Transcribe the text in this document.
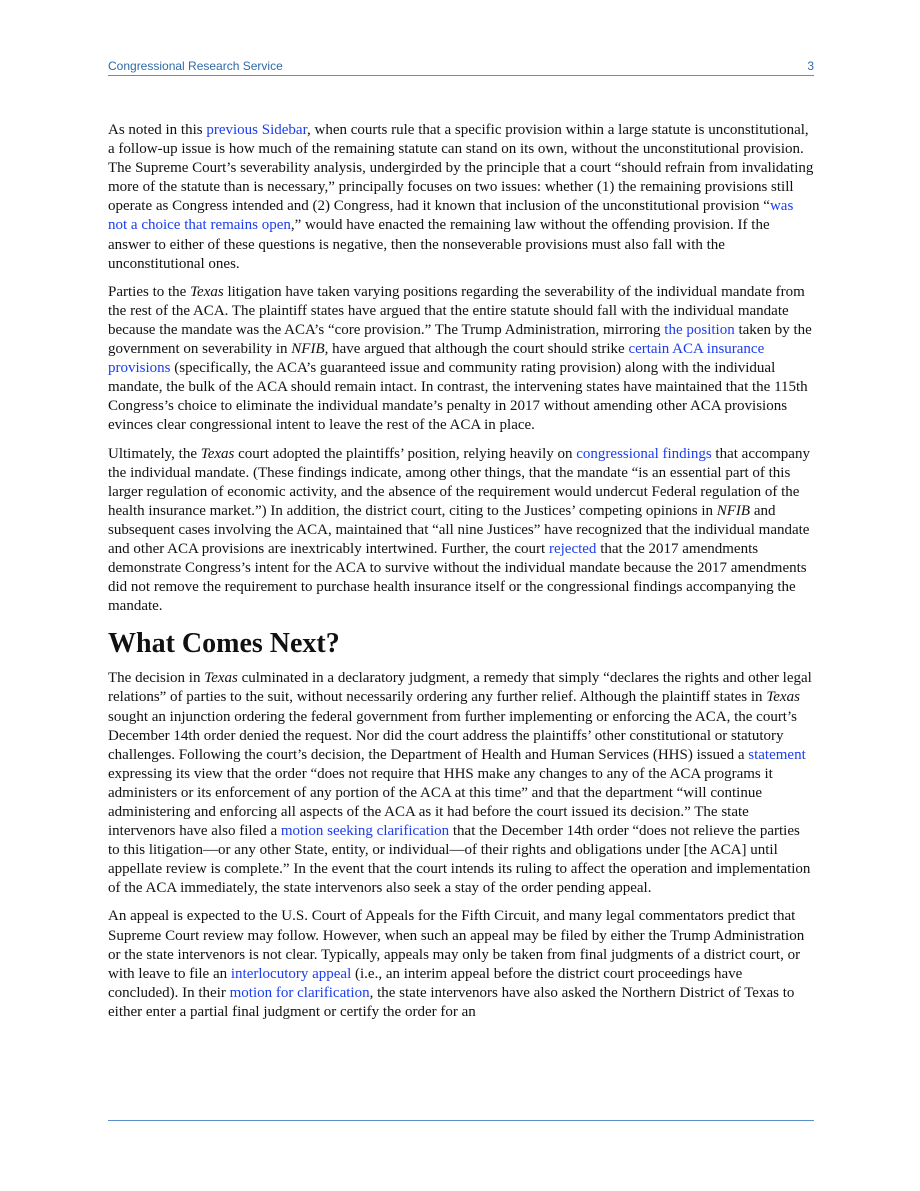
Congressional Research Service	3

As noted in this previous Sidebar, when courts rule that a specific provision within a large statute is unconstitutional, a follow-up issue is how much of the remaining statute can stand on its own, without the unconstitutional provision. The Supreme Court’s severability analysis, undergirded by the principle that a court “should refrain from invalidating more of the statute than is necessary,” principally focuses on two issues: whether (1) the remaining provisions still operate as Congress intended and (2) Congress, had it known that inclusion of the unconstitutional provision “was not a choice that remains open,” would have enacted the remaining law without the offending provision. If the answer to either of these questions is negative, then the nonseverable provisions must also fall with the unconstitutional ones.

Parties to the Texas litigation have taken varying positions regarding the severability of the individual mandate from the rest of the ACA. The plaintiff states have argued that the entire statute should fall with the individual mandate because the mandate was the ACA’s “core provision.” The Trump Administration, mirroring the position taken by the government on severability in NFIB, have argued that although the court should strike certain ACA insurance provisions (specifically, the ACA’s guaranteed issue and community rating provision) along with the individual mandate, the bulk of the ACA should remain intact. In contrast, the intervening states have maintained that the 115th Congress’s choice to eliminate the individual mandate’s penalty in 2017 without amending other ACA provisions evinces clear congressional intent to leave the rest of the ACA in place.

Ultimately, the Texas court adopted the plaintiffs’ position, relying heavily on congressional findings that accompany the individual mandate. (These findings indicate, among other things, that the mandate “is an essential part of this larger regulation of economic activity, and the absence of the requirement would undercut Federal regulation of the health insurance market.”) In addition, the district court, citing to the Justices’ competing opinions in NFIB and subsequent cases involving the ACA, maintained that “all nine Justices” have recognized that the individual mandate and other ACA provisions are inextricably intertwined. Further, the court rejected that the 2017 amendments demonstrate Congress’s intent for the ACA to survive without the individual mandate because the 2017 amendments did not remove the requirement to purchase health insurance itself or the congressional findings accompanying the mandate.

What Comes Next?

The decision in Texas culminated in a declaratory judgment, a remedy that simply “declares the rights and other legal relations” of parties to the suit, without necessarily ordering any further relief. Although the plaintiff states in Texas sought an injunction ordering the federal government from further implementing or enforcing the ACA, the court’s December 14th order denied the request. Nor did the court address the plaintiffs’ other constitutional or statutory challenges. Following the court’s decision, the Department of Health and Human Services (HHS) issued a statement expressing its view that the order “does not require that HHS make any changes to any of the ACA programs it administers or its enforcement of any portion of the ACA at this time” and that the department “will continue administering and enforcing all aspects of the ACA as it had before the court issued its decision.” The state intervenors have also filed a motion seeking clarification that the December 14th order “does not relieve the parties to this litigation—or any other State, entity, or individual—of their rights and obligations under [the ACA] until appellate review is complete.” In the event that the court intends its ruling to affect the operation and implementation of the ACA immediately, the state intervenors also seek a stay of the order pending appeal.

An appeal is expected to the U.S. Court of Appeals for the Fifth Circuit, and many legal commentators predict that Supreme Court review may follow. However, when such an appeal may be filed by either the Trump Administration or the state intervenors is not clear. Typically, appeals may only be taken from final judgments of a district court, or with leave to file an interlocutory appeal (i.e., an interim appeal before the district court proceedings have concluded). In their motion for clarification, the state intervenors have also asked the Northern District of Texas to either enter a partial final judgment or certify the order for an
